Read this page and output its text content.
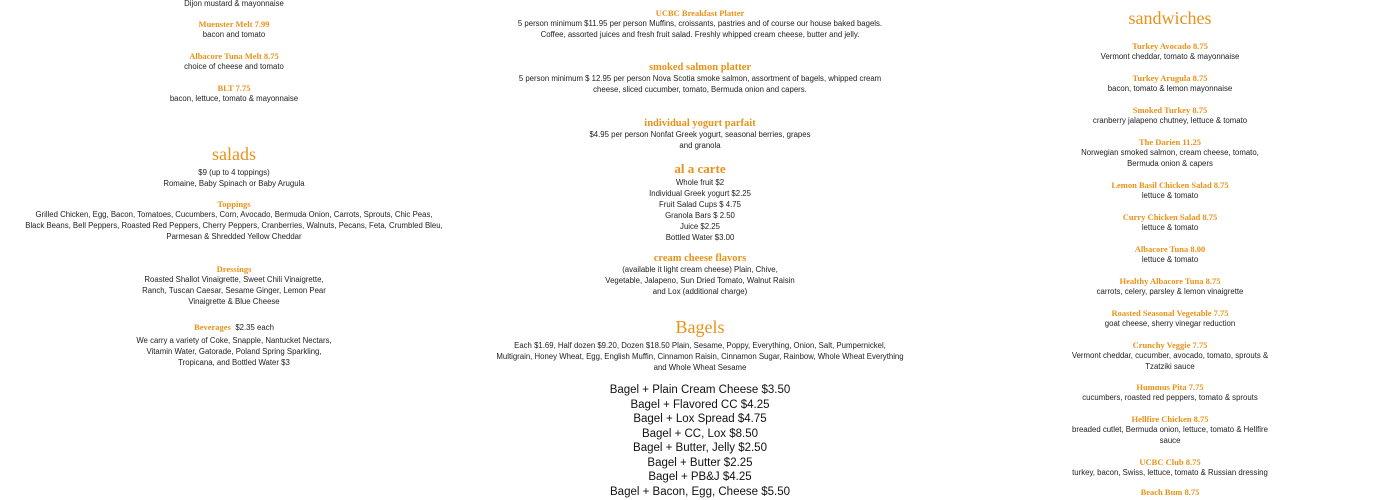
Dijon mustard & mayonnaise
Muenster Melt 7.99
bacon and tomato
Albacore Tuna Melt 8.75
choice of cheese and tomato
BLT 7.75
bacon, lettuce, tomato & mayonnaise
salads
$9 (up to 4 toppings)
Romaine, Baby Spinach or Baby Arugula
Toppings
Grilled Chicken, Egg, Bacon, Tomatoes, Cucumbers, Corn, Avocado, Bermuda Onion, Carrots, Sprouts, Chic Peas, Black Beans, Bell Peppers, Roasted Red Peppers, Cherry Peppers, Cranberries, Walnuts, Pecans, Feta, Crumbled Bleu, Parmesan & Shredded Yellow Cheddar
Dressings
Roasted Shallot Vinaigrette, Sweet Chili Vinaigrette, Ranch, Tuscan Caesar, Sesame Ginger, Lemon Pear Vinaigrette & Blue Cheese
Beverages $2.35 each
We carry a variety of Coke, Snapple, Nantucket Nectars, Vitamin Water, Gatorade, Poland Spring Sparkling, Tropicana, and Bottled Water $3
UCBC Breakfast Platter
5 person minimum $11.95 per person Muffins, croissants, pastries and of course our house baked bagels. Coffee, assorted juices and fresh fruit salad. Freshly whipped cream cheese, butter and jelly.
smoked salmon platter
5 person minimum $ 12.95 per person Nova Scotia smoke salmon, assortment of bagels, whipped cream cheese, sliced cucumber, tomato, Bermuda onion and capers.
individual yogurt parfait
$4.95 per person Nonfat Greek yogurt, seasonal berries, grapes and granola
al a carte
Whole fruit $2
Individual Greek yogurt $2.25
Fruit Salad Cups $ 4.75
Granola Bars $ 2.50
Juice $2.25
Bottled Water $3.00
cream cheese flavors
(available it light cream cheese) Plain, Chive, Vegetable, Jalapeno, Sun Dried Tomato, Walnut Raisin and Lox (additional charge)
Bagels
Each $1.69, Half dozen $9.20, Dozen $18.50 Plain, Sesame, Poppy, Everything, Onion, Salt, Pumpernickel, Multigrain, Honey Wheat, Egg, English Muffin, Cinnamon Raisin, Cinnamon Sugar, Rainbow, Whole Wheat Everything and Whole Wheat Sesame
Bagel + Plain Cream Cheese $3.50
Bagel + Flavored CC $4.25
Bagel + Lox Spread $4.75
Bagel + CC, Lox $8.50
Bagel + Butter, Jelly $2.50
Bagel + Butter $2.25
Bagel + PB&J $4.25
Bagel + Bacon, Egg, Cheese $5.50
sandwiches
Turkey Avocado 8.75
Vermont cheddar, tomato & mayonnaise
Turkey Arugula 8.75
bacon, tomato & lemon mayonnaise
Smoked Turkey 8.75
cranberry jalapeno chutney, lettuce & tomato
The Darien 11.25
Norwegian smoked salmon, cream cheese, tomato, Bermuda onion & capers
Lemon Basil Chicken Salad 8.75
lettuce & tomato
Curry Chicken Salad 8.75
lettuce & tomato
Albacore Tuna 8.00
lettuce & tomato
Healthy Albacore Tuna 8.75
carrots, celery, parsley & lemon vinaigrette
Roasted Seasonal Vegetable 7.75
goat cheese, sherry vinegar reduction
Crunchy Veggie 7.75
Vermont cheddar, cucumber, avocado, tomato, sprouts & Tzatziki sauce
Hummus Pita 7.75
cucumbers, roasted red peppers, tomato & sprouts
Hellfire Chicken 8.75
breaded cutlet, Bermuda onion, lettuce, tomato & Hellfire sauce
UCBC Club 8.75
turkey, bacon, Swiss, lettuce, tomato & Russian dressing
Beach Bum 8.75
